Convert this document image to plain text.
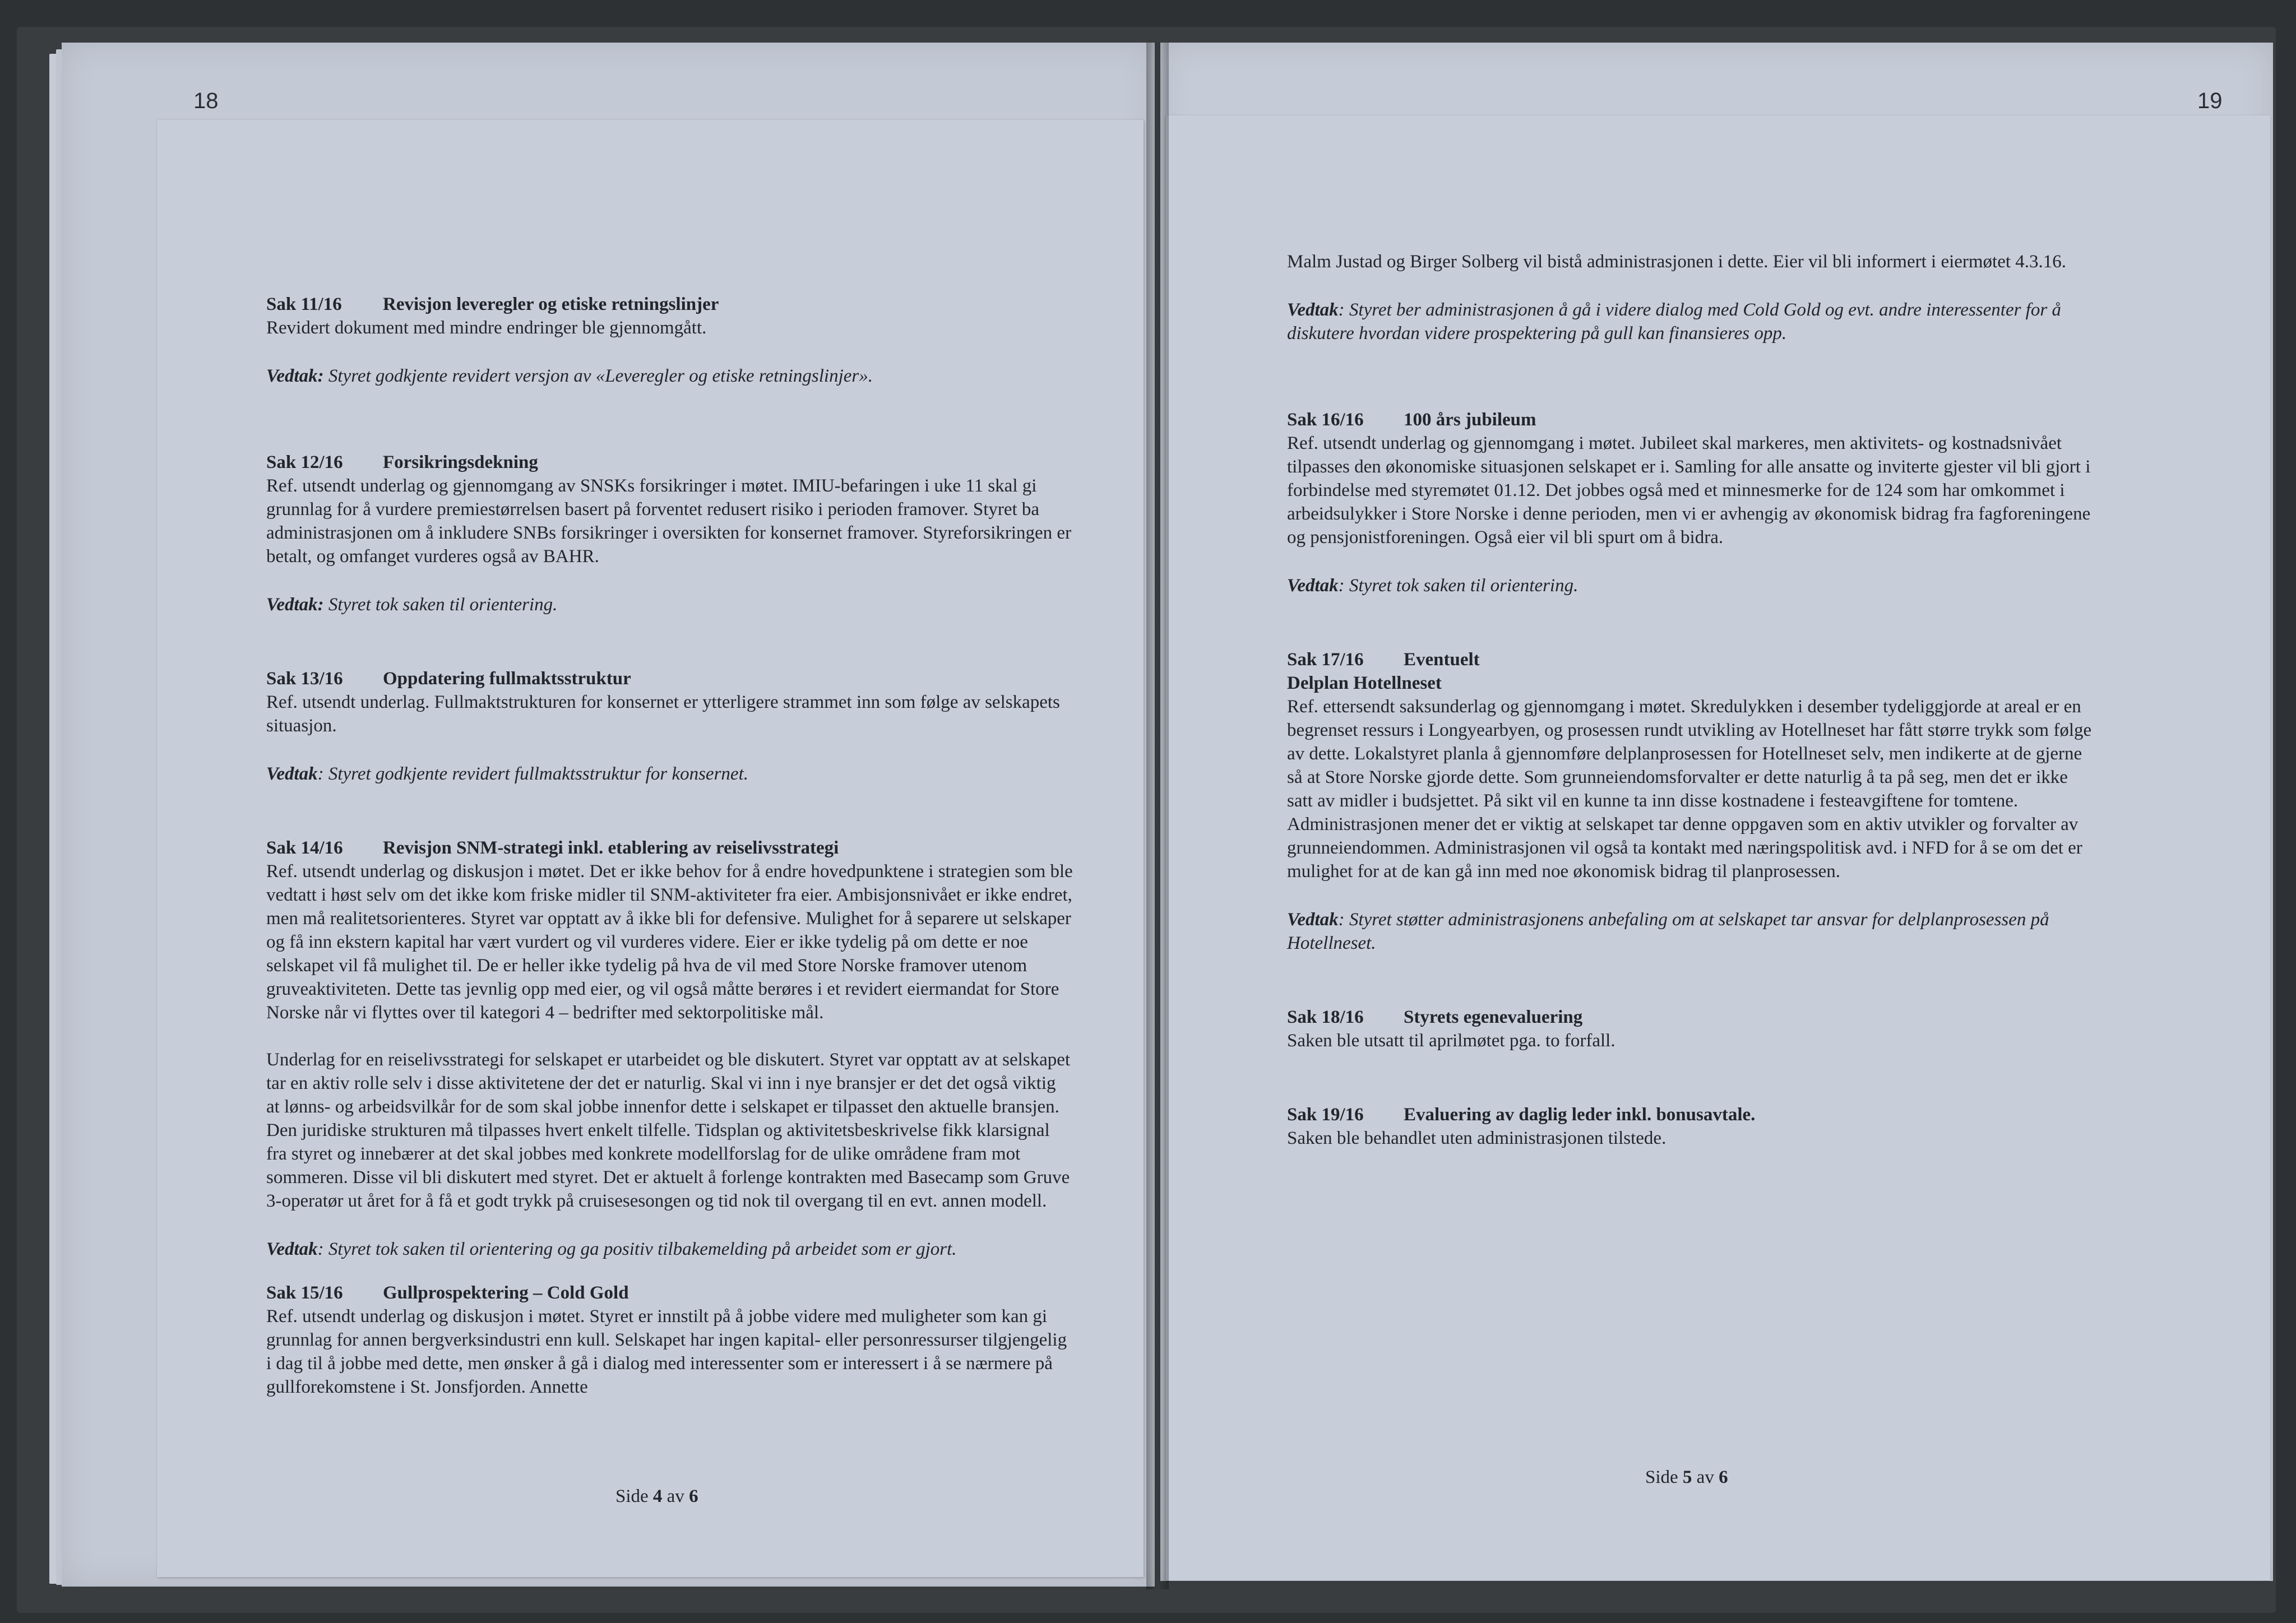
18	19

Sak 11/16 Revisjon leveregler og etiske retningslinjer

Revidert dokument med mindre endringer ble gjennomgått.

Vedtak: Styret godkjente revidert versjon av «Leveregler og etiske retningslinjer».

Sak 12/16 Forsikringsdekning

Ref. utsendt underlag og gjennomgang av SNSKs forsikringer i møtet. IMIU-befaringen i uke 11 skal gi grunnlag for å vurdere premiestørrelsen basert på forventet redusert risiko i perioden framover. Styret ba administrasjonen om å inkludere SNBs forsikringer i oversikten for konsernet framover. Styreforsikringen er betalt, og omfanget vurderes også av BAHR.

Vedtak: Styret tok saken til orientering.

Sak 13/16 Oppdatering fullmaktsstruktur

Ref. utsendt underlag. Fullmaktstrukturen for konsernet er ytterligere strammet inn som følge av selskapets situasjon.

Vedtak: Styret godkjente revidert fullmaktsstruktur for konsernet.

Sak 14/16 Revisjon SNM-strategi inkl. etablering av reiselivsstrategi

Ref. utsendt underlag og diskusjon i møtet. Det er ikke behov for å endre hovedpunktene i strategien som ble vedtatt i høst selv om det ikke kom friske midler til SNM-aktiviteter fra eier. Ambisjonsnivået er ikke endret, men må realitetsorienteres. Styret var opptatt av å ikke bli for defensive. Mulighet for å separere ut selskaper og få inn ekstern kapital har vært vurdert og vil vurderes videre. Eier er ikke tydelig på om dette er noe selskapet vil få mulighet til. De er heller ikke tydelig på hva de vil med Store Norske framover utenom gruveaktiviteten. Dette tas jevnlig opp med eier, og vil også måtte berøres i et revidert eiermandat for Store Norske når vi flyttes over til kategori 4 – bedrifter med sektorpolitiske mål.

Underlag for en reiselivsstrategi for selskapet er utarbeidet og ble diskutert. Styret var opptatt av at selskapet tar en aktiv rolle selv i disse aktivitetene der det er naturlig. Skal vi inn i nye bransjer er det det også viktig at lønns- og arbeidsvilkår for de som skal jobbe innenfor dette i selskapet er tilpasset den aktuelle bransjen. Den juridiske strukturen må tilpasses hvert enkelt tilfelle. Tidsplan og aktivitetsbeskrivelse fikk klarsignal fra styret og innebærer at det skal jobbes med konkrete modellforslag for de ulike områdene fram mot sommeren. Disse vil bli diskutert med styret. Det er aktuelt å forlenge kontrakten med Basecamp som Gruve 3-operatør ut året for å få et godt trykk på cruisesesongen og tid nok til overgang til en evt. annen modell.

Vedtak: Styret tok saken til orientering og ga positiv tilbakemelding på arbeidet som er gjort.

Sak 15/16 Gullprospektering – Cold Gold

Ref. utsendt underlag og diskusjon i møtet. Styret er innstilt på å jobbe videre med muligheter som kan gi grunnlag for annen bergverksindustri enn kull. Selskapet har ingen kapital- eller personressurser tilgjengelig i dag til å jobbe med dette, men ønsker å gå i dialog med interessenter som er interessert i å se nærmere på gullforekomstene i St. Jonsfjorden. Annette

Side 4 av 6

Malm Justad og Birger Solberg vil bistå administrasjonen i dette. Eier vil bli informert i eiermøtet 4.3.16.

Vedtak: Styret ber administrasjonen å gå i videre dialog med Cold Gold og evt. andre interessenter for å diskutere hvordan videre prospektering på gull kan finansieres opp.

Sak 16/16 100 års jubileum

Ref. utsendt underlag og gjennomgang i møtet. Jubileet skal markeres, men aktivitets- og kostnadsnivået tilpasses den økonomiske situasjonen selskapet er i. Samling for alle ansatte og inviterte gjester vil bli gjort i forbindelse med styremøtet 01.12. Det jobbes også med et minnesmerke for de 124 som har omkommet i arbeidsulykker i Store Norske i denne perioden, men vi er avhengig av økonomisk bidrag fra fagforeningene og pensjonistforeningen. Også eier vil bli spurt om å bidra.

Vedtak: Styret tok saken til orientering.

Sak 17/16 Eventuelt

Delplan Hotellneset

Ref. ettersendt saksunderlag og gjennomgang i møtet. Skredulykken i desember tydeliggjorde at areal er en begrenset ressurs i Longyearbyen, og prosessen rundt utvikling av Hotellneset har fått større trykk som følge av dette. Lokalstyret planla å gjennomføre delplanprosessen for Hotellneset selv, men indikerte at de gjerne så at Store Norske gjorde dette. Som grunneiendomsforvalter er dette naturlig å ta på seg, men det er ikke satt av midler i budsjettet. På sikt vil en kunne ta inn disse kostnadene i festeavgiftene for tomtene. Administrasjonen mener det er viktig at selskapet tar denne oppgaven som en aktiv utvikler og forvalter av grunneiendommen. Administrasjonen vil også ta kontakt med næringspolitisk avd. i NFD for å se om det er mulighet for at de kan gå inn med noe økonomisk bidrag til planprosessen.

Vedtak: Styret støtter administrasjonens anbefaling om at selskapet tar ansvar for delplanprosessen på Hotellneset.

Sak 18/16 Styrets egenevaluering

Saken ble utsatt til aprilmøtet pga. to forfall.

Sak 19/16 Evaluering av daglig leder inkl. bonusavtale.

Saken ble behandlet uten administrasjonen tilstede.

Side 5 av 6
